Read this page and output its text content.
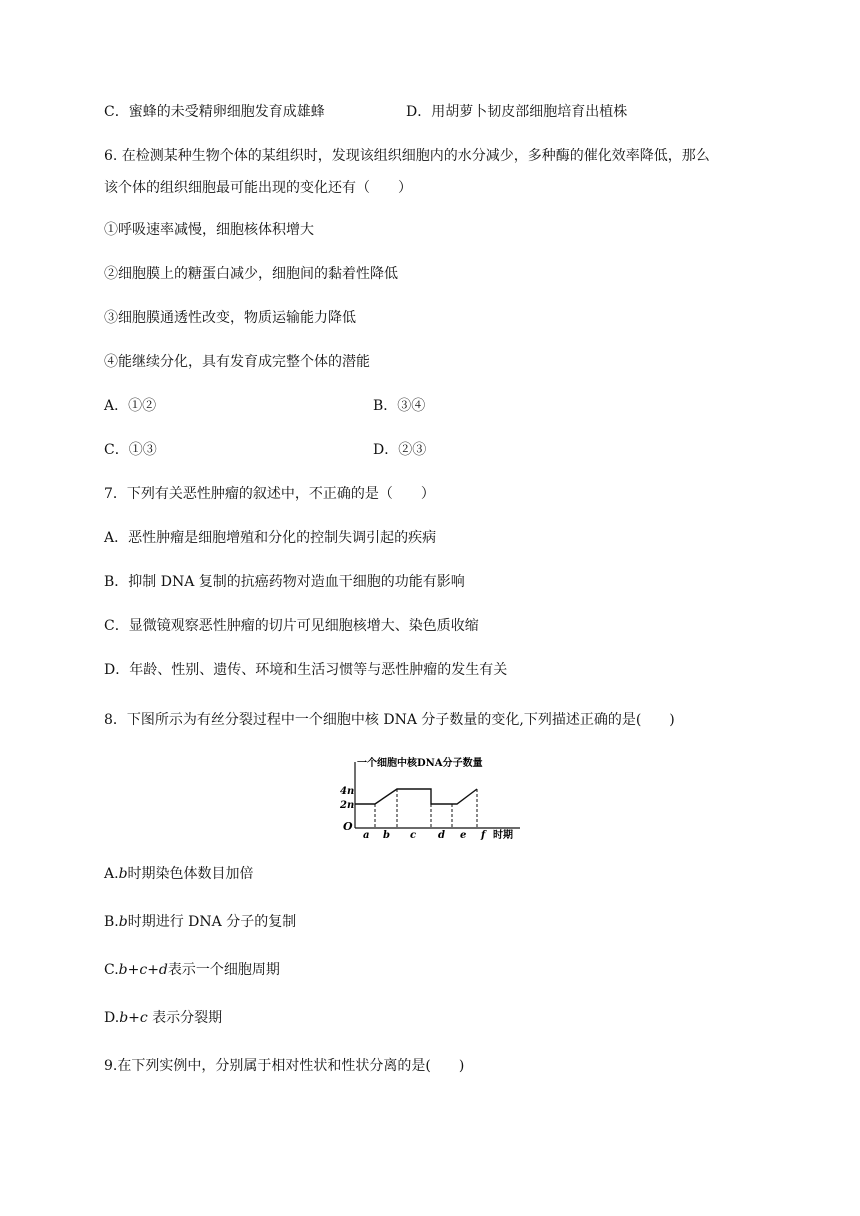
C．蜜蜂的未受精卵细胞发育成雄蜂	D．用胡萝卜韧皮部细胞培育出植株
6. 在检测某种生物个体的某组织时，发现该组织细胞内的水分减少，多种酶的催化效率降低，那么
该个体的组织细胞最可能出现的变化还有（　　）
①呼吸速率减慢，细胞核体积增大
②细胞膜上的糖蛋白减少，细胞间的黏着性降低
③细胞膜通透性改变，物质运输能力降低
④能继续分化，具有发育成完整个体的潜能
A．①②	B．③④
C．①③	D．②③
7．下列有关恶性肿瘤的叙述中，不正确的是（　　）
A．恶性肿瘤是细胞增殖和分化的控制失调引起的疾病
B．抑制 DNA 复制的抗癌药物对造血干细胞的功能有影响
C．显微镜观察恶性肿瘤的切片可见细胞核增大、染色质收缩
D．年龄、性别、遗传、环境和生活习惯等与恶性肿瘤的发生有关
8．下图所示为有丝分裂过程中一个细胞中核 DNA 分子数量的变化,下列描述正确的是(　　)
一个细胞中核DNA分子数量
4n
2n
O
a b c d e f 时期
A.b时期染色体数目加倍
B.b时期进行 DNA 分子的复制
C.b+c+d表示一个细胞周期
D.b+c 表示分裂期
9.在下列实例中，分别属于相对性状和性状分离的是(　　)
